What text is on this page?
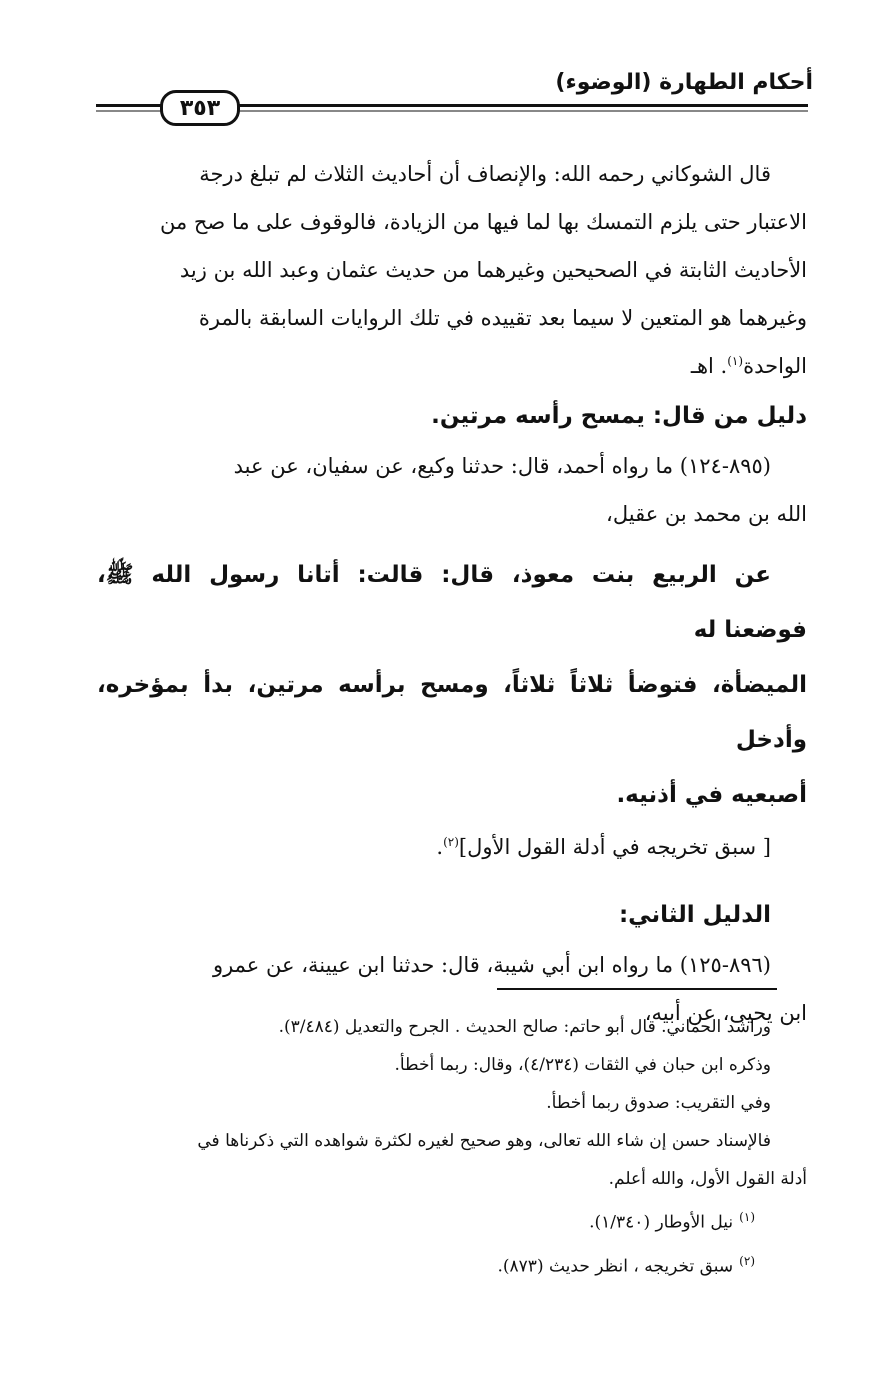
أحكام الطهارة (الوضوء)
٣٥٣

قال الشوكاني رحمه الله: والإنصاف أن أحاديث الثلاث لم تبلغ درجة

الاعتبار حتى يلزم التمسك بها لما فيها من الزيادة، فالوقوف على ما صح من

الأحاديث الثابتة في الصحيحين وغيرهما من حديث عثمان وعبد الله بن زيد

وغيرهما هو المتعين لا سيما بعد تقييده في تلك الروايات السابقة بالمرة

الواحدة$^{(١)}$. اهـ

دليل من قال: يمسح رأسه مرتين.

(٨٩٥-١٢٤) ما رواه أحمد، قال: حدثنا وكيع، عن سفيان، عن عبد

الله بن محمد بن عقيل،

عن الربيع بنت معوذ، قال: قالت: أتانا رسول الله ﷺ، فوضعنا له

الميضأة، فتوضأ ثلاثاً ثلاثاً، ومسح برأسه مرتين، بدأ بمؤخره، وأدخل

أصبعيه في أذنيه.

[ سبق تخريجه في أدلة القول الأول]$^{(٢)}$.

الدليل الثاني:

(٨٩٦-١٢٥) ما رواه ابن أبي شيبة، قال: حدثنا ابن عيينة، عن عمرو

ابن يحيى، عن أبيه،

وراشد الحماني. قال أبو حاتم: صالح الحديث . الجرح والتعديل (٣/٤٨٤).

وذكره ابن حبان في الثقات (٤/٢٣٤)، وقال: ربما أخطأ.

وفي التقريب: صدوق ربما أخطأ.

فالإسناد حسن إن شاء الله تعالى، وهو صحيح لغيره لكثرة شواهده التي ذكرناها في

أدلة القول الأول، والله أعلم.

$^{(١)}$نيل الأوطار (١/٣٤٠).

$^{(٢)}$سبق تخريجه ، انظر حديث (٨٧٣).
